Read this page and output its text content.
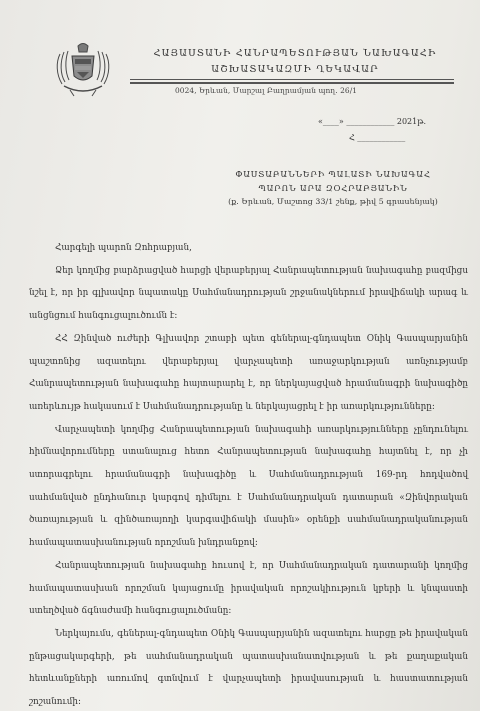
ՀԱՅԱՍՏԱՆԻ ՀԱՆՐԱՊԵՏՈՒԹՅԱՆ ՆԱԽԱԳԱՀԻ
ԱՇԽԱՏԱԿԱԶՄԻ ՂԵԿԱՎԱՐ
0024, Երևան, Մարշալ Բաղրամյան պող. 26/1
«____» ____________ 2021թ.
Հ ____________
ՓԱՍՏԱԲԱՆՆԵՐԻ ՊԱԼԱՏԻ ՆԱԽԱԳԱՀ
ՊԱՐՈՆ ԱՐԱ ԶՕՀՐԱԲՅԱՆԻՆ
(ք. Երևան, Մաշտոց 33/1 շենք, թիվ 5 գրասենյակ)

Հարգելի պարոն Զոհրաբյան,

Ձեր կողմից բարձրացված հարցի վերաբերյալ Հանրապետության նախագահը բազմիցս նշել է, որ իր գլխավոր նպատակը Սահմանադրության շրջանակներում իրավիճակի արագ և անցնցում հանգուցալուծումն է:

ՀՀ Զինված ուժերի Գլխավոր շտաբի պետ գեներալ-գնդապետ Օնիկ Գասպարյանին պաշտոնից ազատելու վերաբերյալ վարչապետի առաջարկության առնչությամբ Հանրապետության նախագահը հայտարարել է, որ ներկայացված հրամանագրի նախագիծը առերևույթ հակասում է Սահմանադրությանը և ներկայացրել է իր առարկությունները:

Վարչապետի կողմից Հանրապետության նախագահի առարկությունները չընդունելու հիմնավորումները ստանալուց հետո Հանրապետության նախագահը հայտնել է, որ չի ստորագրելու հրամանագրի նախագիծը և Սահմանադրության 169-րդ հոդվածով սահմանված ընդհանուր կարգով դիմելու է Սահմանադրական դատարան «Զինվորական ծառայության և զինծառայողի կարգավիճակի մասին» օրենքի սահմանադրականության համապատասխանության որոշման խնդրանքով:

Հանրապետության նախագահը հուսով է, որ Սահմանադրական դատարանի կողմից համապատասխան որոշման կայացումը իրավական որոշակիություն կբերի և կնպաստի ստեղծված ճգնաժամի հանգուցալուծմանը:

Ներկայումս, գեներալ-գնդապետ Օնիկ Գասպարյանին ազատելու հարցը թե իրավական ընթացակարգերի, թե սահմանադրական պատասխանատվության և թե քաղաքական հետևանքների առումով գտնվում է վարչապետի իրավասության և հաստատության շոշանումի:
